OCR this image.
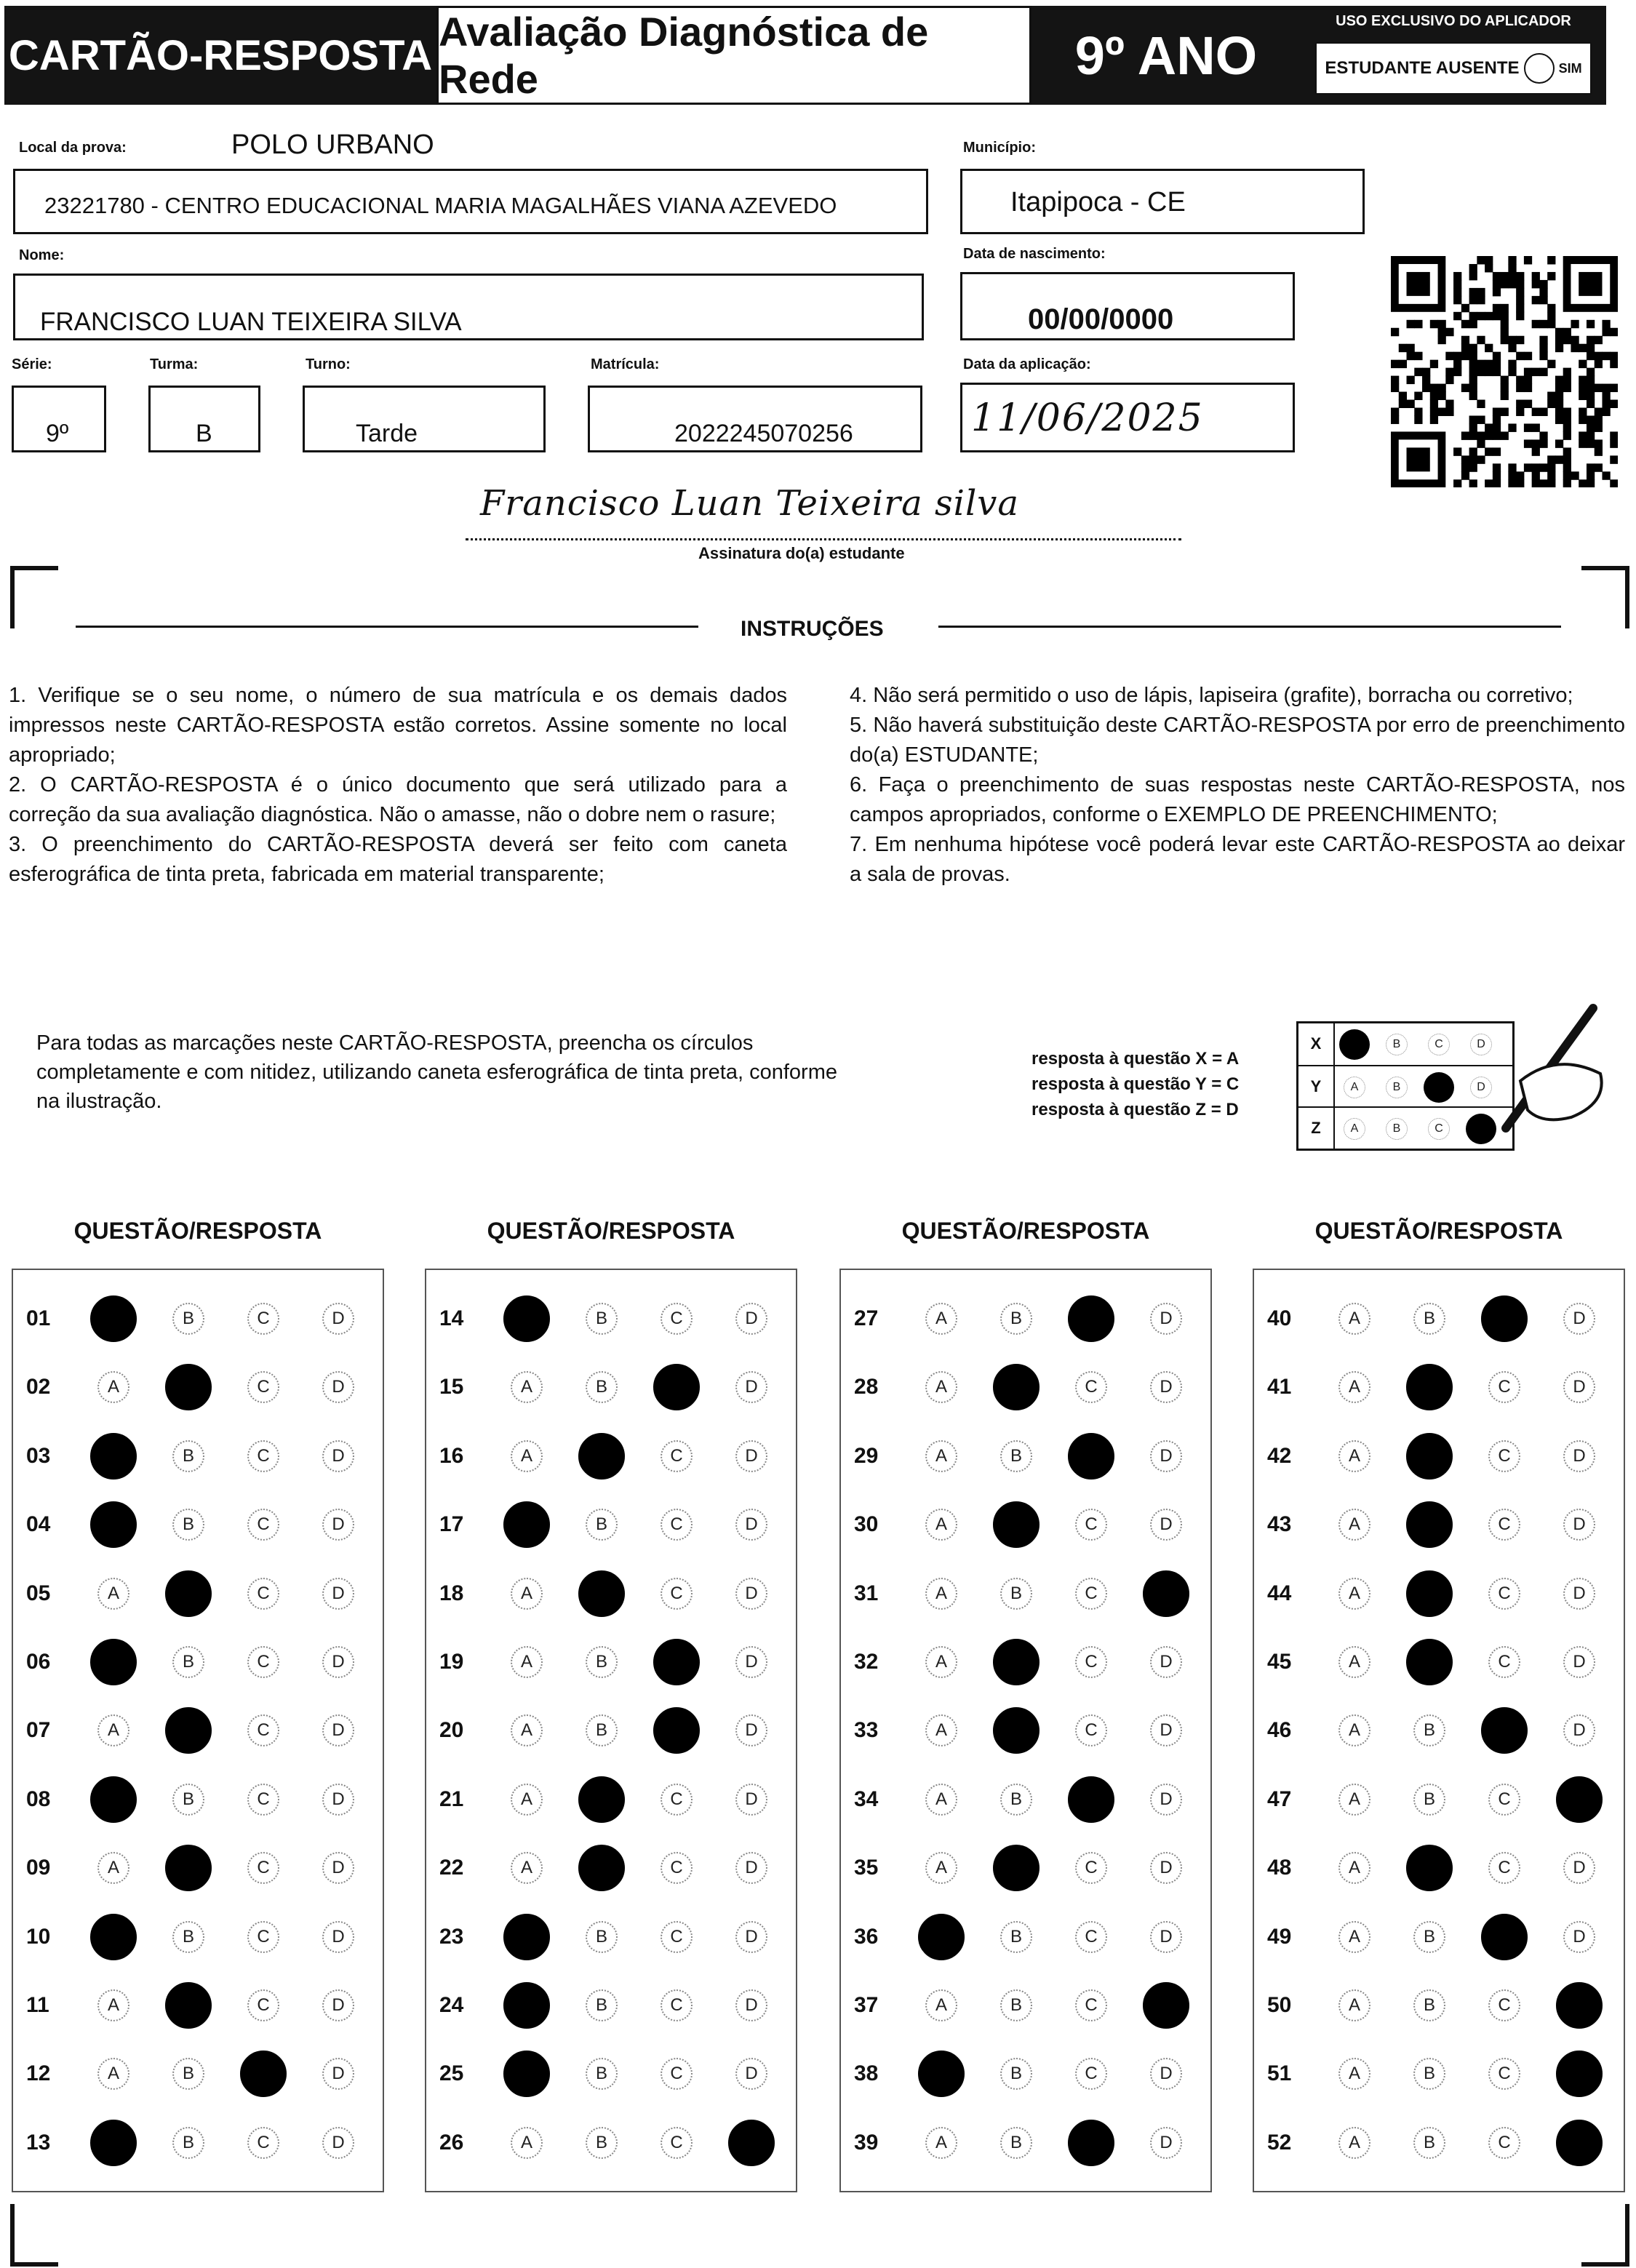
CARTÃO-RESPOSTA Avaliação Diagnóstica de Rede	9º ANO
USO EXCLUSIVO DO APLICADOR
ESTUDANTE AUSENTE	SIM
Local da prova:	POLO URBANO
23221780 - CENTRO EDUCACIONAL MARIA MAGALHÃES VIANA AZEVEDO
Município:
Itapipoca - CE
Nome:
FRANCISCO LUAN TEIXEIRA SILVA
Data de nascimento:
00/00/0000
Série:
9º
Turma:
B
Turno:
Tarde
Matrícula:
2022245070256
Data da aplicação:
11/06/2025
Francisco Luan Teixeira silva
Assinatura do(a) estudante
INSTRUÇÕES

1. Verifique se o seu nome, o número de sua matrícula e os demais dados impressos neste CARTÃO-RESPOSTA estão corretos. Assine somente no local apropriado;

2. O CARTÃO-RESPOSTA é o único documento que será utilizado para a correção da sua avaliação diagnóstica. Não o amasse, não o dobre nem o rasure;

3. O preenchimento do CARTÃO-RESPOSTA deverá ser feito com caneta esferográfica de tinta preta, fabricada em material transparente;

4. Não será permitido o uso de lápis, lapiseira (grafite), borracha ou corretivo;

5. Não haverá substituição deste CARTÃO-RESPOSTA por erro de preenchimento do(a) ESTUDANTE;

6. Faça o preenchimento de suas respostas neste CARTÃO-RESPOSTA, nos campos apropriados, conforme o EXEMPLO DE PREENCHIMENTO;

7. Em nenhuma hipótese você poderá levar este CARTÃO-RESPOSTA ao deixar a sala de provas.

Para todas as marcações neste CARTÃO-RESPOSTA, preencha os círculos completamente e com nitidez, utilizando caneta esferográfica de tinta preta, conforme na ilustração.
resposta à questão X = A
resposta à questão Y = C
resposta à questão Z = D
X	A	B	C	D
Y	A	B	C	D
Z	A	B	C	D
QUESTÃO/RESPOSTA
01	A	B	C	D
02	A	B	C	D
03	A	B	C	D
04	A	B	C	D
05	A	B	C	D
06	A	B	C	D
07	A	B	C	D
08	A	B	C	D
09	A	B	C	D
10	A	B	C	D
11	A	B	C	D
12	A	B	C	D
13	A	B	C	D
QUESTÃO/RESPOSTA
14	A	B	C	D
15	A	B	C	D
16	A	B	C	D
17	A	B	C	D
18	A	B	C	D
19	A	B	C	D
20	A	B	C	D
21	A	B	C	D
22	A	B	C	D
23	A	B	C	D
24	A	B	C	D
25	A	B	C	D
26	A	B	C	D
QUESTÃO/RESPOSTA
27	A	B	C	D
28	A	B	C	D
29	A	B	C	D
30	A	B	C	D
31	A	B	C	D
32	A	B	C	D
33	A	B	C	D
34	A	B	C	D
35	A	B	C	D
36	A	B	C	D
37	A	B	C	D
38	A	B	C	D
39	A	B	C	D
QUESTÃO/RESPOSTA
40	A	B	C	D
41	A	B	C	D
42	A	B	C	D
43	A	B	C	D
44	A	B	C	D
45	A	B	C	D
46	A	B	C	D
47	A	B	C	D
48	A	B	C	D
49	A	B	C	D
50	A	B	C	D
51	A	B	C	D
52	A	B	C	D
